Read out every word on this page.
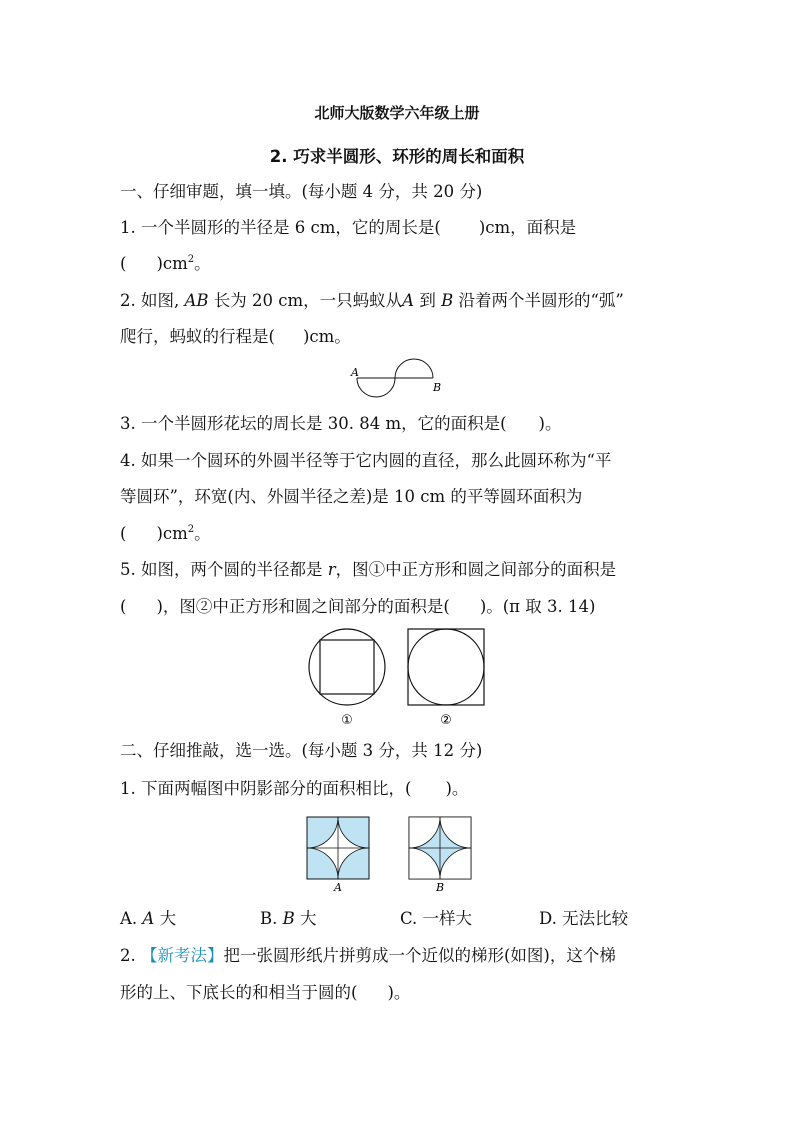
北师大版数学六年级上册
2. 巧求半圆形、环形的周长和面积
一、仔细审题，填一填。(每小题 4 分，共 20 分)
1. 一个半圆形的半径是 6 cm，它的周长是( )cm，面积是
( )$cm^2$。
2. 如图, AB 长为 20 cm，一只蚂蚁从A 到 B 沿着两个半圆形的“弧”
爬行，蚂蚁的行程是( )cm。
A
B
3. 一个半圆形花坛的周长是 30. 84 m，它的面积是( )。
4. 如果一个圆环的外圆半径等于它内圆的直径，那么此圆环称为“平
等圆环”，环宽(内、外圆半径之差)是 10 cm 的平等圆环面积为
( )$cm^2$。
5. 如图，两个圆的半径都是 r，图①中正方形和圆之间部分的面积是
( )，图②中正方形和圆之间部分的面积是( )。(π 取 3. 14)
①	②
二、仔细推敲，选一选。(每小题 3 分，共 12 分)
1. 下面两幅图中阴影部分的面积相比，( )。
A	B
A. A 大	B. B 大	C. 一样大	D. 无法比较
2. 【新考法】把一张圆形纸片拼剪成一个近似的梯形(如图)，这个梯
形的上、下底长的和相当于圆的( )。
